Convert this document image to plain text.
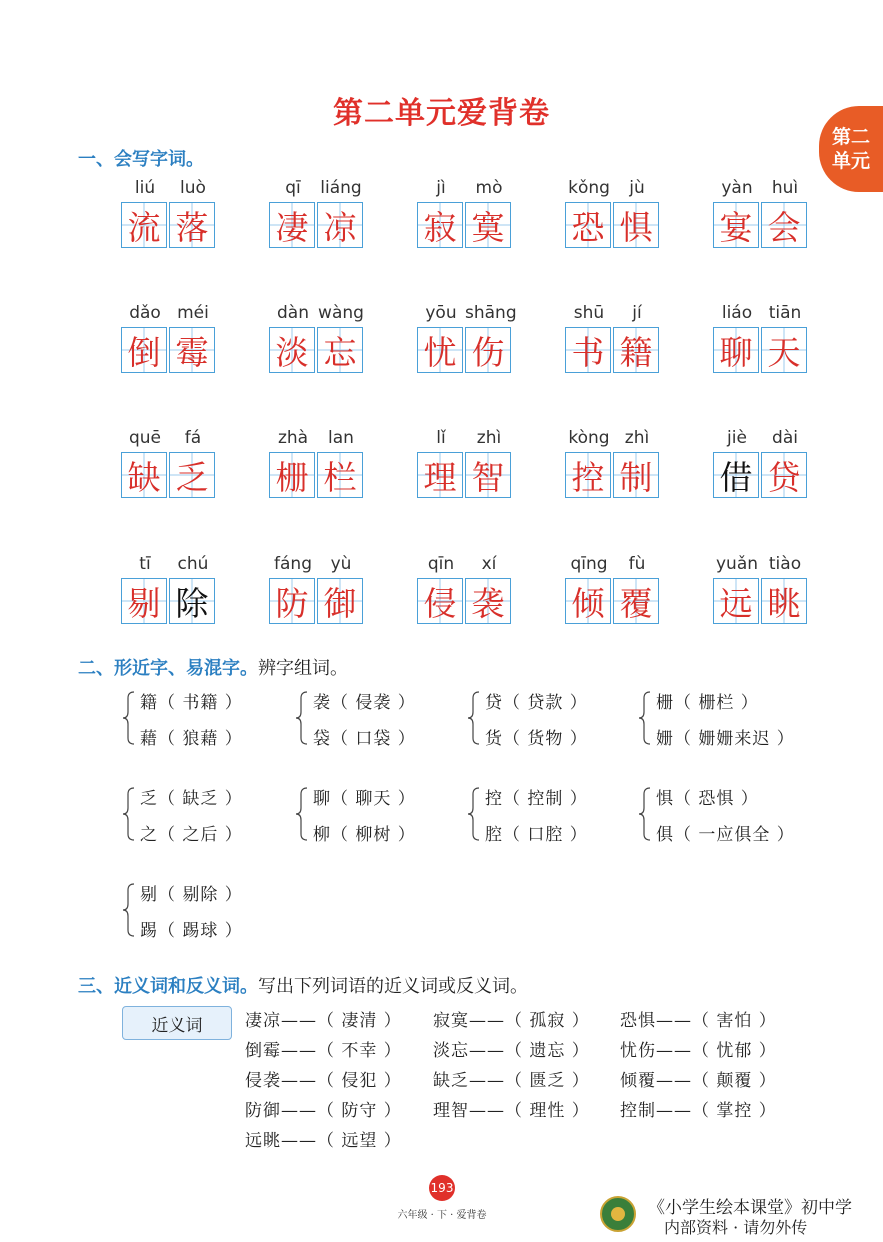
第二单元爱背卷
第二
单元
一、会写字词。
liú	luò
流 落
qī	liáng
凄 凉
jì	mò
寂 寞
kǒng	jù
恐 惧
yàn	huì
宴 会
dǎo méi
倒 霉
dàn wàng
淡 忘
yōu shāng
忧 伤
shū	jí
书 籍
liáo tiān
聊 天
quē	fá
缺 乏
zhà	lan
栅 栏
lǐ	zhì
理 智
kòng zhì
控 制
jiè	dài
借 贷
tī	chú
剔 除
fáng	yù
防 御
qīn	xí
侵 袭
qīng	fù
倾 覆
yuǎn tiào
远 眺
二、形近字、易混字。辨字组词。
籍（ 书籍 ）
藉（ 狼藉 ）
袭（ 侵袭 ）
袋（ 口袋 ）
贷（ 贷款 ）
货（ 货物 ）
栅（ 栅栏 ）
姗（ 姗姗来迟 ）
乏（ 缺乏 ）
之（ 之后 ）
聊（ 聊天 ）
柳（ 柳树 ）
控（ 控制 ）
腔（ 口腔 ）
惧（ 恐惧 ）
俱（ 一应俱全 ）
剔（ 剔除 ）
踢（ 踢球 ）
三、近义词和反义词。写出下列词语的近义词或反义词。
近义词	凄凉——（ 凄清 ） 寂寞——（ 孤寂 ） 恐惧——（ 害怕 ）
倒霉——（ 不幸 ） 淡忘——（ 遗忘 ） 忧伤——（ 忧郁 ）
侵袭——（ 侵犯 ） 缺乏——（ 匮乏 ） 倾覆——（ 颠覆 ）
防御——（ 防守 ） 理智——（ 理性 ） 控制——（ 掌控 ）
远眺——（ 远望 ）
193
六年级 · 下 · 爱背卷	《小学生绘本课堂》初中学
内部资料 · 请勿外传
